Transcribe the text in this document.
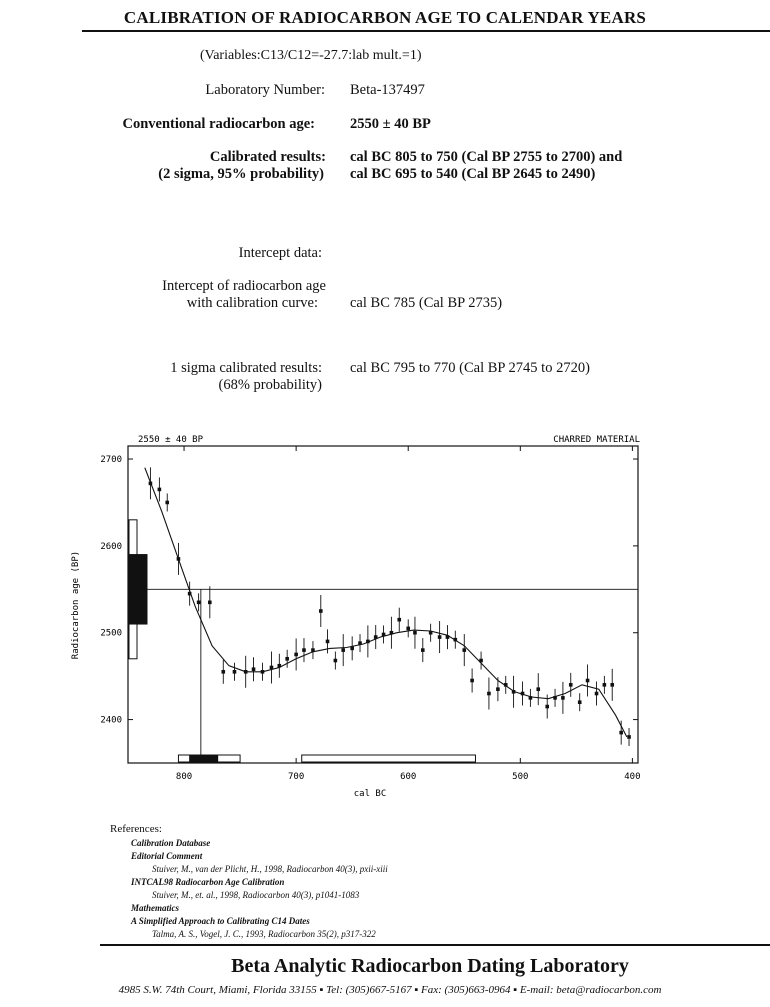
CALIBRATION OF RADIOCARBON AGE TO CALENDAR YEARS
(Variables:C13/C12=-27.7:lab mult.=1)
Laboratory Number: Beta-137497
Conventional radiocarbon age: 2550 ± 40 BP
Calibrated results:
(2 sigma, 95% probability)
cal BC 805 to 750 (Cal BP 2755 to 2700) and
cal BC 695 to 540 (Cal BP 2645 to 2490)
Intercept data:
Intercept of radiocarbon age
with calibration curve: cal BC 785 (Cal BP 2735)
1 sigma calibrated results:
(68% probability)
cal BC 795 to 770 (Cal BP 2745 to 2720)
2550 ± 40 BP	CHARRED MATERIAL
2400
2500
2600
2700
800	700	600	500	400
cal BC
Radiocarbon age (BP)
References:
Calibration Database
Editorial Comment
Stuiver, M., van der Plicht, H., 1998, Radiocarbon 40(3), pxii-xiii
INTCAL98 Radiocarbon Age Calibration
Stuiver, M., et. al., 1998, Radiocarbon 40(3), p1041-1083
Mathematics
A Simplified Approach to Calibrating C14 Dates
Talma, A. S., Vogel, J. C., 1993, Radiocarbon 35(2), p317-322
Beta Analytic Radiocarbon Dating Laboratory
4985 S.W. 74th Court, Miami, Florida 33155 ▪ Tel: (305)667-5167 ▪ Fax: (305)663-0964 ▪ E-mail: beta@radiocarbon.com
